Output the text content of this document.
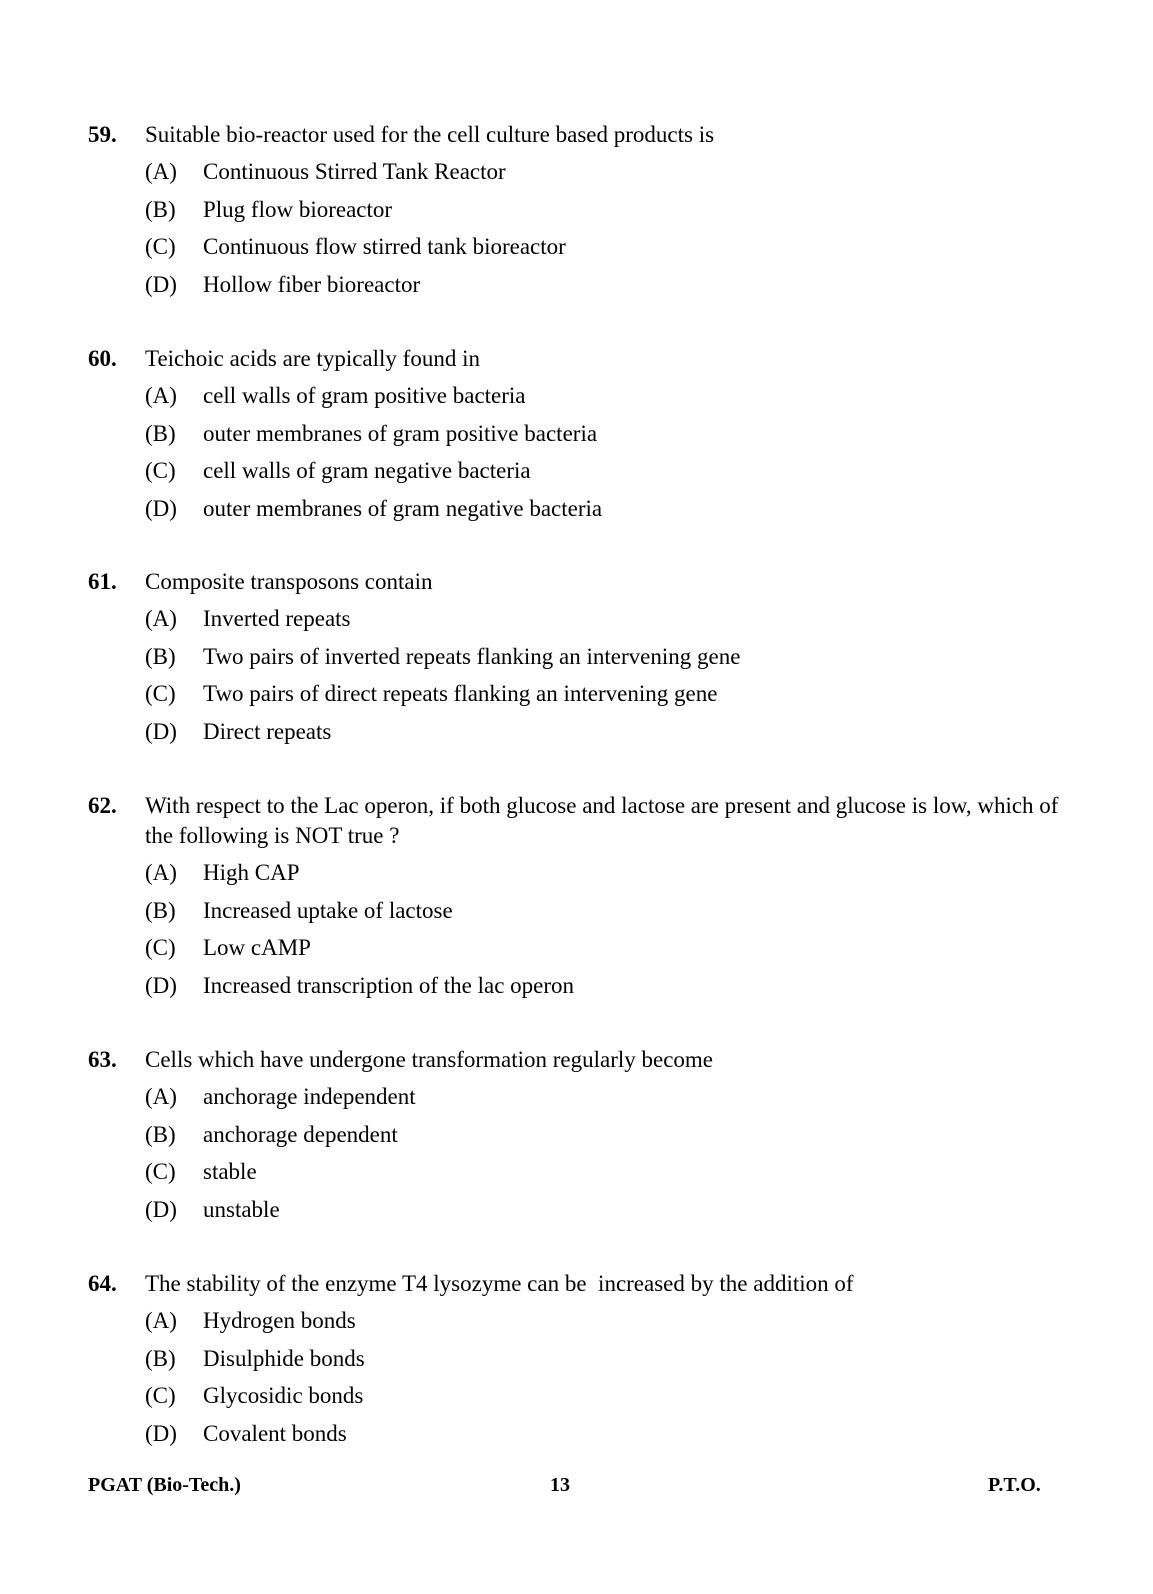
59.	Suitable bio-reactor used for the cell culture based products is
(A)	Continuous Stirred Tank Reactor
(B)	Plug flow bioreactor
(C)	Continuous flow stirred tank bioreactor
(D)	Hollow fiber bioreactor
60.	Teichoic acids are typically found in
(A)	cell walls of gram positive bacteria
(B)	outer membranes of gram positive bacteria
(C)	cell walls of gram negative bacteria
(D)	outer membranes of gram negative bacteria
61.	Composite transposons contain
(A)	Inverted repeats
(B)	Two pairs of inverted repeats flanking an intervening gene
(C)	Two pairs of direct repeats flanking an intervening gene
(D)	Direct repeats
62.	With respect to the Lac operon, if both glucose and lactose are present and glucose is low, which of the following is NOT true ?
(A)	High CAP
(B)	Increased uptake of lactose
(C)	Low cAMP
(D)	Increased transcription of the lac operon
63.	Cells which have undergone transformation regularly become
(A)	anchorage independent
(B)	anchorage dependent
(C)	stable
(D)	unstable
64.	The stability of the enzyme T4 lysozyme can be  increased by the addition of
(A)	Hydrogen bonds
(B)	Disulphide bonds
(C)	Glycosidic bonds
(D)	Covalent bonds
PGAT (Bio-Tech.)	13	P.T.O.
